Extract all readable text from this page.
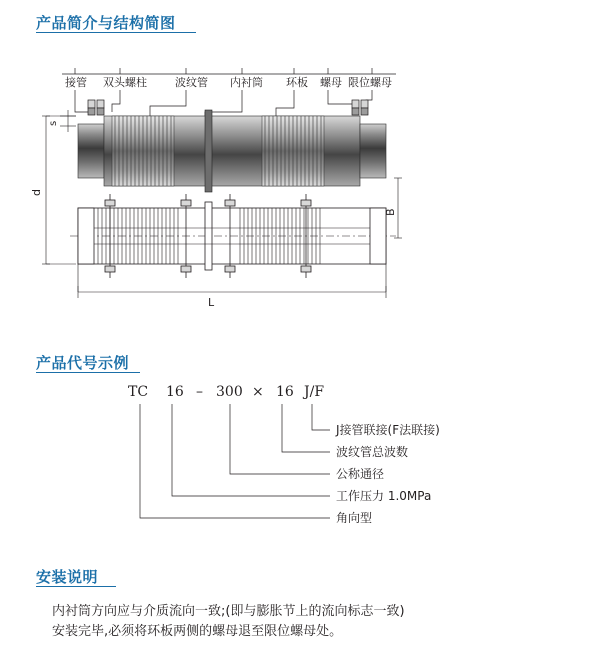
产品简介与结构简图
接管 双头螺柱	波纹管 内衬筒 环板 螺母 限位螺母
s
d
B
L
产品代号示例
TC 16 – 300 × 16 J/F
J接管联接(F法联接)
波纹管总波数
公称通径
工作压力 1.0MPa
角向型
安装说明
内衬筒方向应与介质流向一致;(即与膨胀节上的流向标志一致)
安装完毕,必须将环板两侧的螺母退至限位螺母处。
